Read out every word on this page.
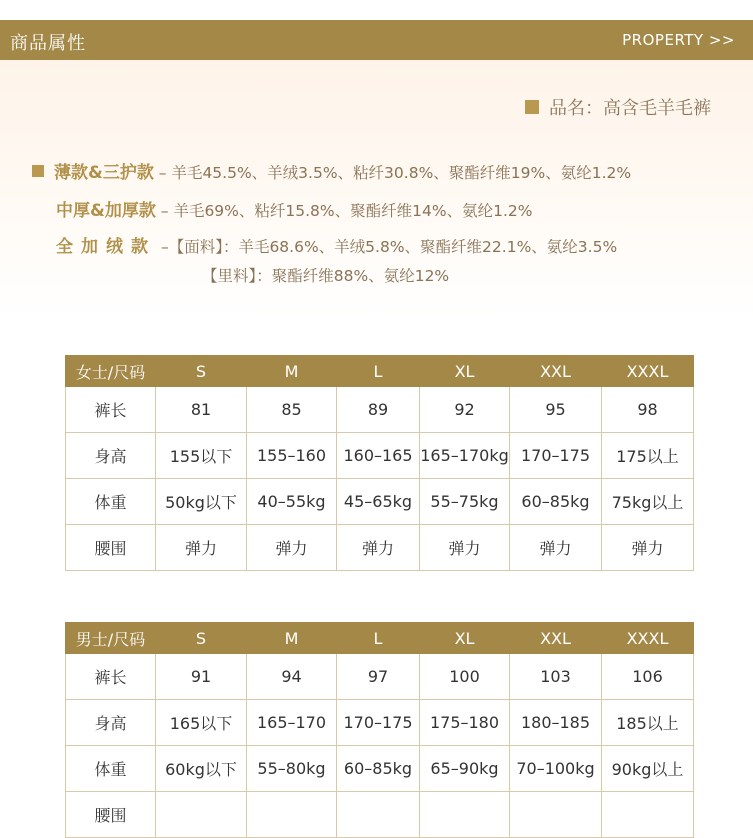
商品属性	PROPERTY >>
品名：高含毛羊毛裤
薄款&三护款 – 羊毛45.5%、羊绒3.5%、粘纤30.8%、聚酯纤维19%、氨纶1.2%
中厚&加厚款 – 羊毛69%、粘纤15.8%、聚酯纤维14%、氨纶1.2%
全加绒款 –【面料】：羊毛68.6%、羊绒5.8%、聚酯纤维22.1%、氨纶3.5%
【里料】：聚酯纤维88%、氨纶12%
女士/尺码	S	M	L	XL	XXL	XXXL
裤长	81	85	89	92	95	98
身高	155以下	155–160	160–165	165–170kg	170–175	175以上
体重	50kg以下	40–55kg	45–65kg	55–75kg	60–85kg	75kg以上
腰围	弹力	弹力	弹力	弹力	弹力	弹力
男士/尺码	S	M	L	XL	XXL	XXXL
裤长	91	94	97	100	103	106
身高	165以下	165–170	170–175	175–180	180–185	185以上
体重	60kg以下	55–80kg	60–85kg	65–90kg	70–100kg	90kg以上
腰围						
